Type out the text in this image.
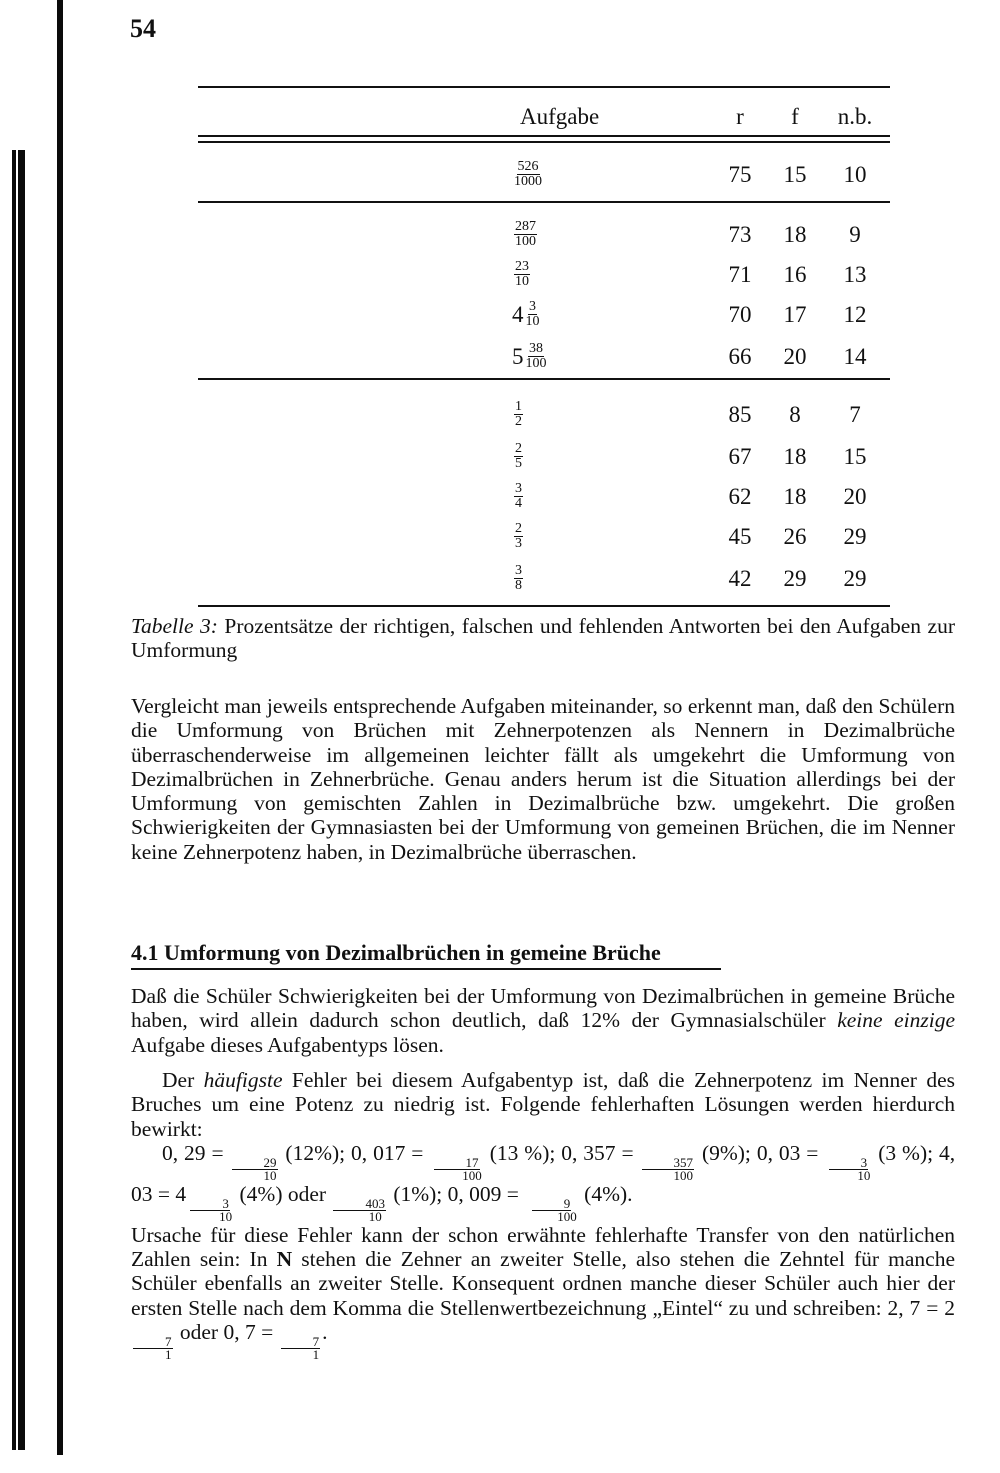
54
Aufgabe	r	f	n.b.
$\frac{526}{1000}$	75	15	10
$\frac{287}{100}$	73	18	9
$\frac{23}{10}$	71	16	13
$4 \frac{3}{10}$	70	17	12
$5 \frac{38}{100}$	66	20	14
$\frac{1}{2}$	85	8	7
$\frac{2}{5}$	67	18	15
$\frac{3}{4}$	62	18	20
$\frac{2}{3}$	45	26	29
$\frac{3}{8}$	42	29	29
Tabelle 3: Prozentsätze der richtigen, falschen und fehlenden Antworten bei den Aufgaben zur Umformung
Vergleicht man jeweils entsprechende Aufgaben miteinander, so erkennt man, daß den Schülern die Umformung von Brüchen mit Zehnerpotenzen als Nennern in Dezimalbrüche überraschenderweise im allgemeinen leichter fällt als umgekehrt die Umformung von Dezimalbrüchen in Zehnerbrüche. Genau anders herum ist die Situation allerdings bei der Umformung von gemischten Zahlen in Dezimalbrüche bzw. umgekehrt. Die großen Schwierigkeiten der Gymnasiasten bei der Umformung von gemeinen Brüchen, die im Nenner keine Zehnerpotenz haben, in Dezimalbrüche überraschen.
4.1 Umformung von Dezimalbrüchen in gemeine Brüche
Daß die Schüler Schwierigkeiten bei der Umformung von Dezimalbrüchen in gemeine Brüche haben, wird allein dadurch schon deutlich, daß 12% der Gymnasialschüler keine einzige Aufgabe dieses Aufgabentyps lösen.
Der häufigste Fehler bei diesem Aufgabentyp ist, daß die Zehnerpotenz im Nenner des Bruches um eine Potenz zu niedrig ist. Folgende fehlerhaften Lösungen werden hierdurch bewirkt:
0, 29 =
$\frac{29}{10}$
(12%); 0, 017 =
$\frac{17}{100}$
(13 %); 0, 357 =
$\frac{357}{100}$
(9%); 0, 03 =
$\frac{3}{10}$
(3 %); 4, 03 = 4
$\frac{3}{10}$
(4%) oder
$\frac{403}{10}$
(1%); 0, 009 =
$\frac{9}{100}$
(4%).
Ursache für diese Fehler kann der schon erwähnte fehlerhafte Transfer von den natürlichen Zahlen sein: In N stehen die Zehner an zweiter Stelle, also stehen die Zehntel für manche Schüler ebenfalls an zweiter Stelle. Konsequent ordnen manche dieser Schüler auch hier der ersten Stelle nach dem Komma die Stellenwertbezeichnung „Eintel“ zu und schreiben: 2, 7 = 2
$\frac{7}{1}$
oder 0, 7 =
$\frac{7}{1}$
.
